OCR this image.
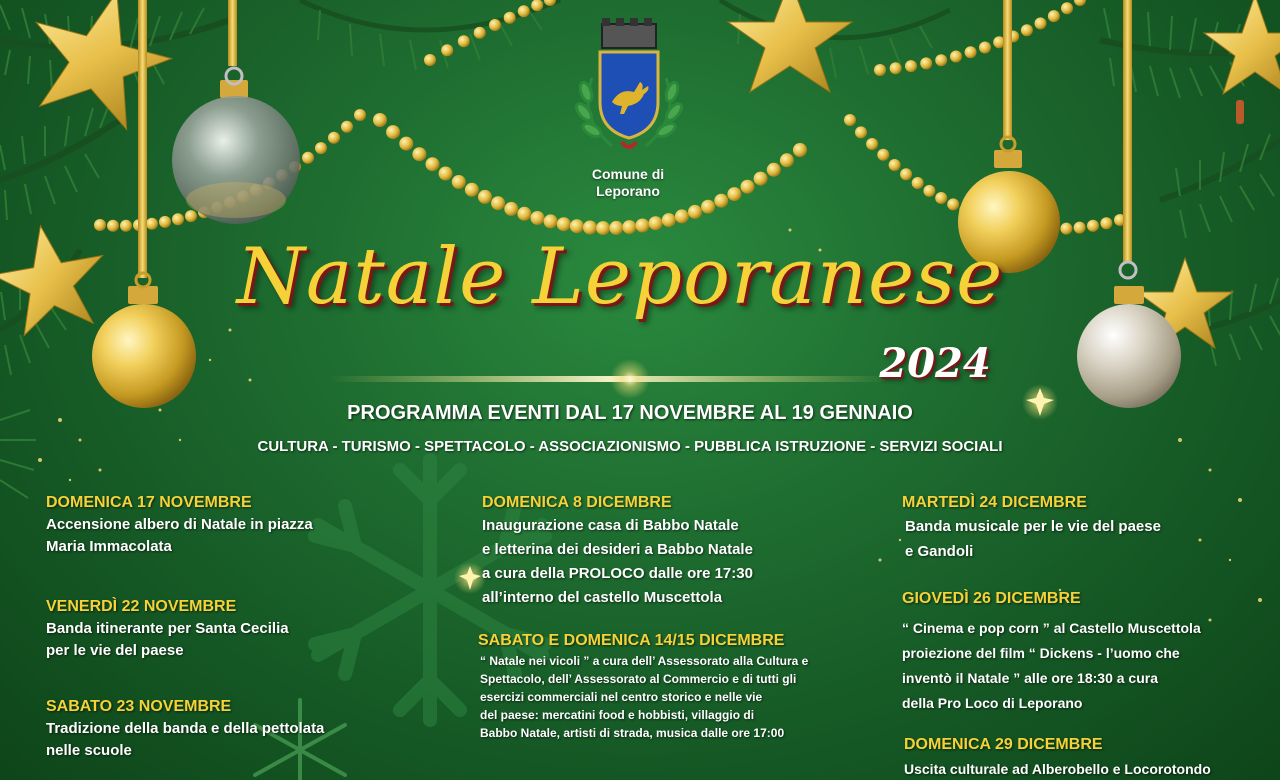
Comune di
Leporano
Natale Leporanese
2024
PROGRAMMA EVENTI DAL 17 NOVEMBRE AL 19 GENNAIO
CULTURA - TURISMO - SPETTACOLO - ASSOCIAZIONISMO - PUBBLICA ISTRUZIONE - SERVIZI SOCIALI
DOMENICA 17 NOVEMBRE
Accensione albero di Natale in piazza
Maria Immacolata
VENERDÌ 22 NOVEMBRE
Banda itinerante per Santa Cecilia
per le vie del paese
SABATO 23 NOVEMBRE
Tradizione della banda e della pettolata
nelle scuole
DOMENICA 8 DICEMBRE
Inaugurazione casa di Babbo Natale
e letterina dei desideri a Babbo Natale
a cura della PROLOCO dalle ore 17:30
all’interno del castello Muscettola
SABATO E DOMENICA 14/15 DICEMBRE
“ Natale nei vicoli ” a cura dell’ Assessorato alla Cultura e
Spettacolo, dell’ Assessorato al Commercio e di tutti gli
esercizi commerciali nel centro storico e nelle vie
del paese: mercatini food e hobbisti, villaggio di
Babbo Natale, artisti di strada, musica dalle ore 17:00
MARTEDÌ 24 DICEMBRE
Banda musicale per le vie del paese
e Gandoli
GIOVEDÌ 26 DICEMBRE
“ Cinema e pop corn ” al Castello Muscettola
proiezione del film “ Dickens - l’uomo che
inventò il Natale ” alle ore 18:30 a cura
della Pro Loco di Leporano
DOMENICA 29 DICEMBRE
Uscita culturale ad Alberobello e Locorotondo
